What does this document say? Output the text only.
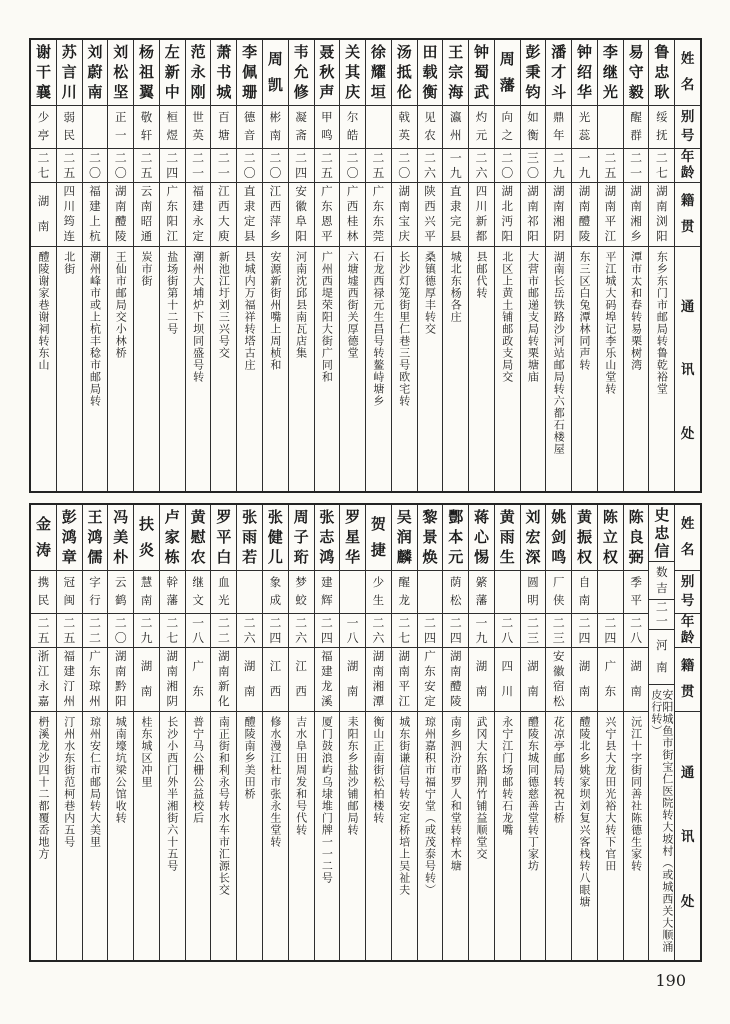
姓
名
别
号
年
龄
籍
贯
通
讯
处
鲁
忠
耿
绥
抚
二
七
湖
南
浏
阳
东乡东门市邮局转鲁乾裕堂
易
守
毅
醒
群
二
一
湖
南
湘
乡
潭市太和春转易栗树湾
李
继
光
二
五
湖
南
平
江
平江城大码埠记李乐山堂转
钟
绍
华
光
蕊
一
九
湖
南
醴
陵
东三区白兔潭林同声转
潘
才
斗
鼎
年
二
九
湖
南
湘
阴
湖南长岳铁路沙河站邮局转六都石楼屋
彭
秉
钧
如
衡
三
〇
湖
南
祁
阳
大营市邮递支局转栗塘庙
周
藩
向
之
二
〇
湖
北
沔
阳
北区上黄土铺邮政支局交
钟
蜀
武
灼
元
二
六
四
川
新
都
县邮代转
王
宗
海
瀛
州
一
九
直
隶
完
县
城北东杨各庄
田
载
衡
见
农
二
六
陕
西
兴
平
桑镇德厚丰转交
汤
抵
伦
戟
英
二
〇
湖
南
宝
庆
长沙灯笼街里仁巷三号欧宅转
徐
耀
垣
二
五
广
东
东
莞
石龙西禄元生昌号转鳌峙塘乡
关
其
庆
尔
皓
二
〇
广
西
桂
林
六塘墟西街关厚德堂
聂
秋
声
甲
鸣
二
五
广
东
恩
平
广州西堤荣阳大街广同和
韦
允
修
凝
斋
二
四
安
徽
阜
阳
河南沈邱县南瓦店集
周
凯
彬
南
二
〇
江
西
萍
乡
安源新街州嘴上周桢和
李
佩
珊
德
音
二
〇
直
隶
定
县
县城内万福祥转塔古庄
萧
书
城
百
塘
二
一
江
西
大
庾
新池江圩刘三兴号交
范
永
刚
世
英
二
一
福
建
永
定
潮州大埔炉下坝同盛号转
左
新
中
桓
煜
二
四
广
东
阳
江
盐场街第十二号
杨
祖
翼
敬
轩
二
五
云
南
昭
通
炭市街
刘
松
坚
正
一
二
〇
湖
南
醴
陵
王仙市邮局交小林桥
刘
蔚
南
二
〇
福
建
上
杭
潮州峰市或上杭丰稔市邮局转
苏
言
川
弱
民
二
五
四
川
筠
连
北街
谢
干
襄
少
亭
二
七
湖
南
醴陵谢家巷谢祠转东山
姓
名
别
号
年
龄
籍
贯
通
讯
处
史
忠
信
数
吉
二
一
河
南
安阳城鱼市街宝仁医院转大坡村（或城西关大顺涌皮行转）
陈
良
弼
季
平
二
八
湖
南
沅江十字街同善社陈德生家转
陈
立
权
二
四
广
东
兴宁县大龙田光裕大转下官田
黄
振
权
自
南
二
四
湖
南
醴陵北乡姚家坝刘复兴客栈转八眼塘
姚
剑
鸣
厂
侠
二
三
安
徽
宿
松
花凉亭邮局转祝古桥
刘
宏
深
圆
明
二
三
湖
南
醴陵东城同德慈善堂转丁家坊
黄
雨
生
二
八
四
川
永宁江门场邮转石龙嘴
蒋
心
惕
綮
藩
一
九
湖
南
武冈大东路荆竹铺益顺堂交
酆
本
元
荫
松
二
四
湖
南
醴
陵
南乡泗汾市罗人和堂转梓木塘
黎
景
焕
二
四
广
东
安
定
琼州嘉积市福宁堂（或茂泰号转）
吴
润
麟
醒
龙
二
七
湖
南
平
江
城东街谦信号转安定桥培上吴祉夫
贺
捷
少
生
二
六
湖
南
湘
潭
衡山正南街松柏楼转
罗
星
华
一
八
湖
南
耒阳东乡盐沙铺邮局转
张
志
鸿
建
辉
二
四
福
建
龙
溪
厦门鼓浪屿乌埭堆门牌一一二号
周
子
珩
梦
蛟
二
六
江
西
吉水阜田周发和号代转
张
健
儿
象
成
二
四
江
西
修水漫江杜市张永生堂转
张
雨
若
二
六
湖
南
醴陵南乡美田桥
罗
平
白
血
光
二
二
湖
南
新
化
南正街和利永号转水车市汇源长交
黄
慰
农
继
文
一
八
广
东
普宁马公栅公益校后
卢
家
栋
幹
藩
二
七
湖
南
湘
阴
长沙小西门外半湘街六十五号
扶
炎
慧
南
二
九
湖
南
桂东城区冲里
冯
美
朴
云
鹤
二
〇
湖
南
黔
阳
城南壕坑梁公馆收转
王
鸿
儒
字
行
二
二
广
东
琼
州
琼州安仁市邮局转大美里
彭
鸿
章
冠
闽
二
五
福
建
汀
州
汀州水东街范柯巷内五号
金
涛
携
民
二
五
浙
江
永
嘉
枬溪龙沙四十二都覆岙地方
190
